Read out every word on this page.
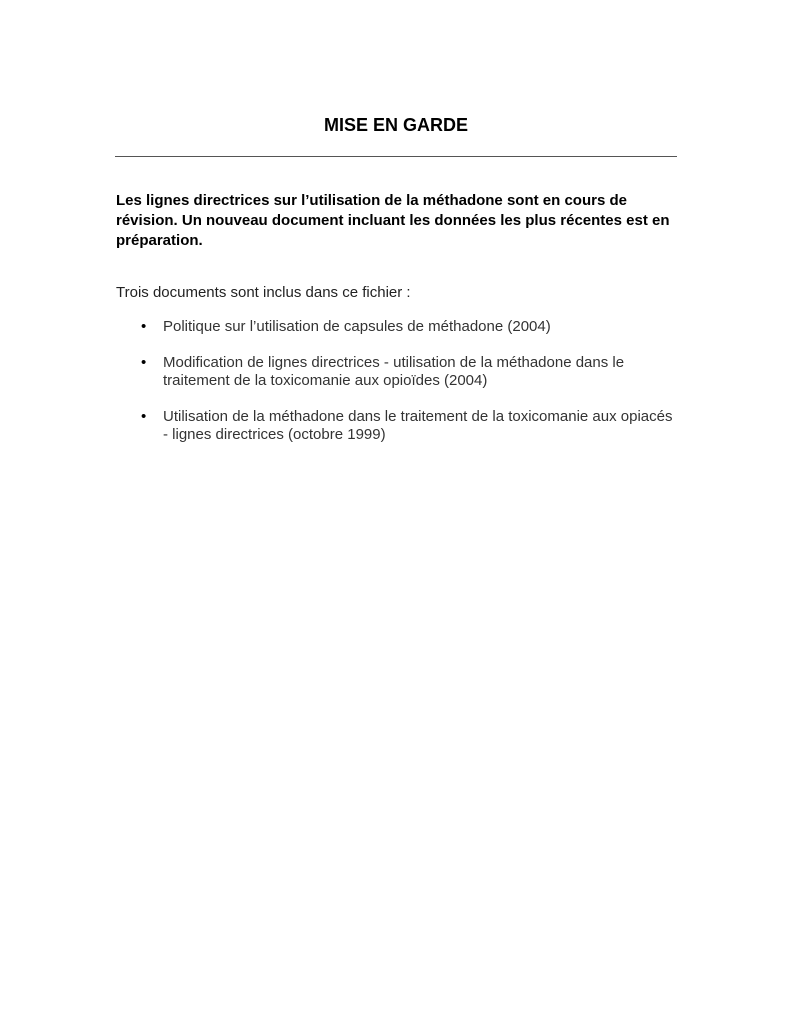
MISE EN GARDE
Les lignes directrices sur l’utilisation de la méthadone sont en cours de révision. Un nouveau document incluant les données les plus récentes est en préparation.
Trois documents sont inclus dans ce fichier :
• Politique sur l’utilisation de capsules de méthadone (2004)
• Modification de lignes directrices - utilisation de la méthadone dans le traitement de la toxicomanie aux opioïdes (2004)
• Utilisation de la méthadone dans le traitement de la toxicomanie aux opiacés - lignes directrices (octobre 1999)
